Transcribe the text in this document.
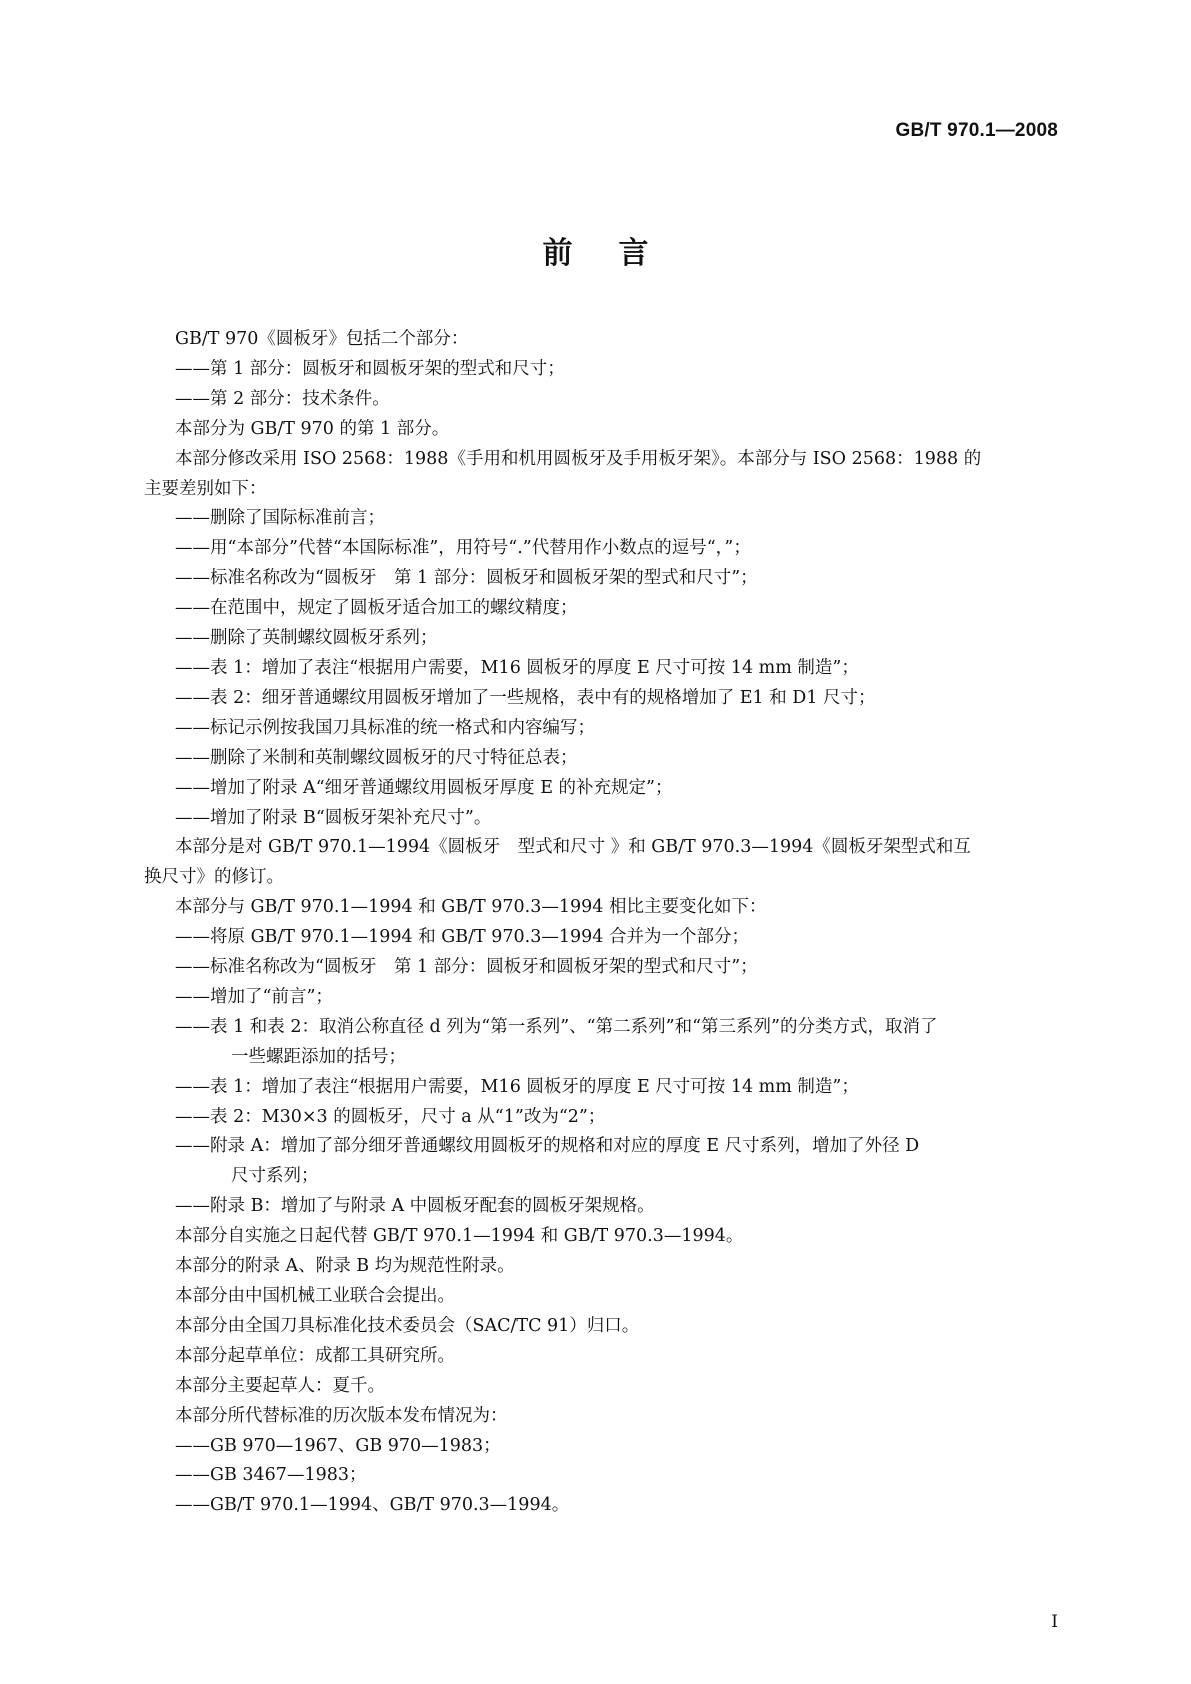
GB/T 970.1—2008

前言

GB/T 970《圆板牙》包括二个部分：

——第 1 部分：圆板牙和圆板牙架的型式和尺寸；

——第 2 部分：技术条件。

本部分为 GB/T 970 的第 1 部分。

本部分修改采用 ISO 2568：1988《手用和机用圆板牙及手用板牙架》。本部分与 ISO 2568：1988 的

主要差别如下：

——删除了国际标准前言；

——用“本部分”代替“本国际标准”，用符号“.”代替用作小数点的逗号“，”；

——标准名称改为“圆板牙　第 1 部分：圆板牙和圆板牙架的型式和尺寸”；

——在范围中，规定了圆板牙适合加工的螺纹精度；

——删除了英制螺纹圆板牙系列；

——表 1：增加了表注“根据用户需要，M16 圆板牙的厚度 E 尺寸可按 14 mm 制造”；

——表 2：细牙普通螺纹用圆板牙增加了一些规格，表中有的规格增加了 E1 和 D1 尺寸；

——标记示例按我国刀具标准的统一格式和内容编写；

——删除了米制和英制螺纹圆板牙的尺寸特征总表；

——增加了附录 A“细牙普通螺纹用圆板牙厚度 E 的补充规定”；

——增加了附录 B“圆板牙架补充尺寸”。

本部分是对 GB/T 970.1—1994《圆板牙　型式和尺寸 》和 GB/T 970.3—1994《圆板牙架型式和互

换尺寸》的修订。

本部分与 GB/T 970.1—1994 和 GB/T 970.3—1994 相比主要变化如下：

——将原 GB/T 970.1—1994 和 GB/T 970.3—1994 合并为一个部分；

——标准名称改为“圆板牙　第 1 部分：圆板牙和圆板牙架的型式和尺寸”；

——增加了“前言”；

——表 1 和表 2：取消公称直径 d 列为“第一系列”、“第二系列”和“第三系列”的分类方式，取消了

一些螺距添加的括号；

——表 1：增加了表注“根据用户需要，M16 圆板牙的厚度 E 尺寸可按 14 mm 制造”；

——表 2：M30×3 的圆板牙，尺寸 a 从“1”改为“2”；

——附录 A：增加了部分细牙普通螺纹用圆板牙的规格和对应的厚度 E 尺寸系列，增加了外径 D

尺寸系列；

——附录 B：增加了与附录 A 中圆板牙配套的圆板牙架规格。

本部分自实施之日起代替 GB/T 970.1—1994 和 GB/T 970.3—1994。

本部分的附录 A、附录 B 均为规范性附录。

本部分由中国机械工业联合会提出。

本部分由全国刀具标准化技术委员会（SAC/TC 91）归口。

本部分起草单位：成都工具研究所。

本部分主要起草人：夏千。

本部分所代替标准的历次版本发布情况为：

——GB 970—1967、GB 970—1983；

——GB 3467—1983；

——GB/T 970.1—1994、GB/T 970.3—1994。

I
